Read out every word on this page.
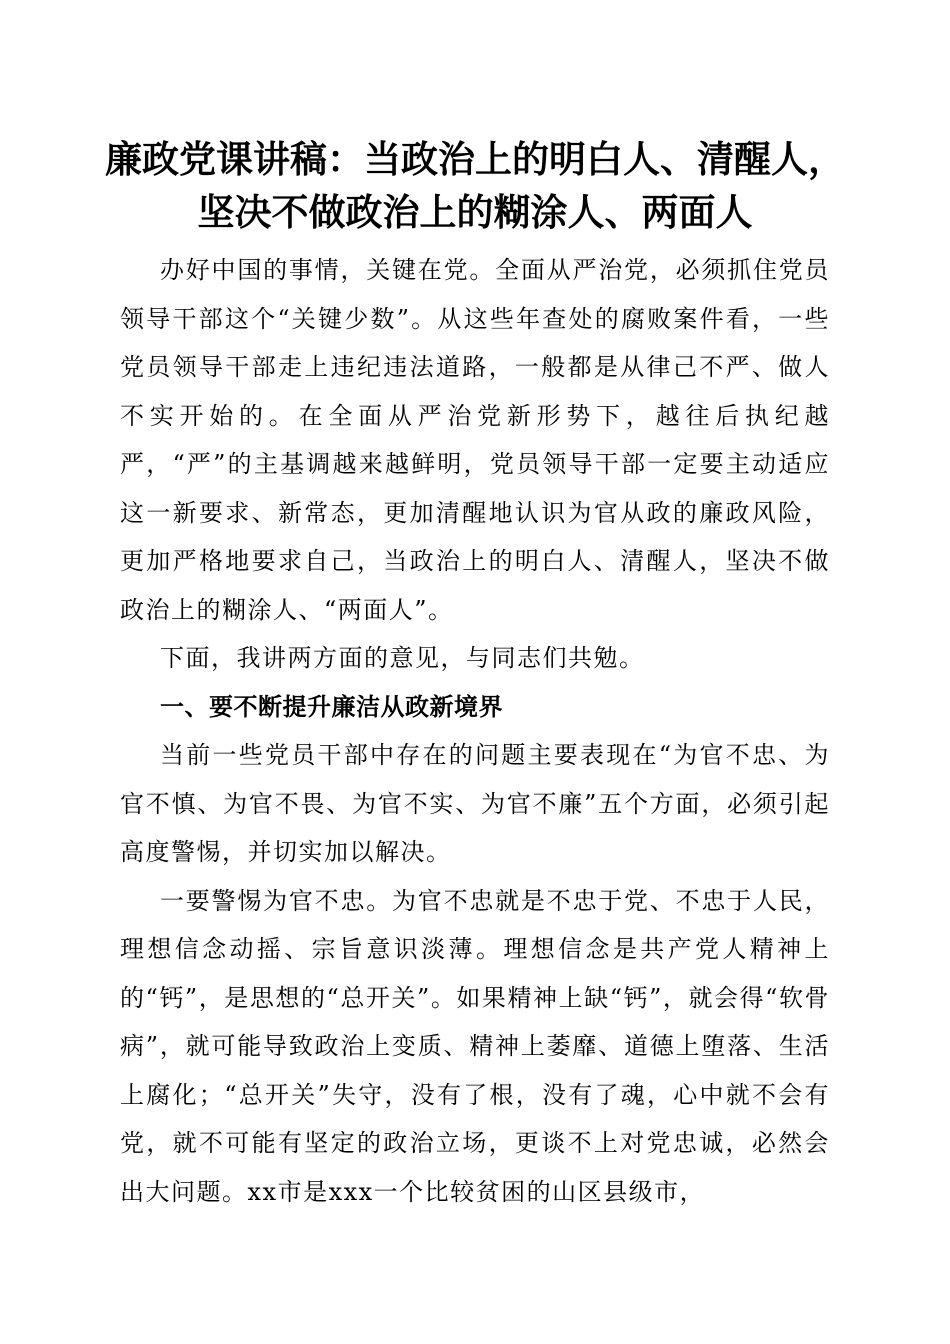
廉政党课讲稿：当政治上的明白人、清醒人，
坚决不做政治上的糊涂人、两面人

办好中国的事情，关键在党。全面从严治党，必须抓住党员领导干部这个“关键少数”。从这些年查处的腐败案件看，一些党员领导干部走上违纪违法道路，一般都是从律己不严、做人不实开始的。在全面从严治党新形势下，越往后执纪越严，“严”的主基调越来越鲜明，党员领导干部一定要主动适应这一新要求、新常态，更加清醒地认识为官从政的廉政风险，更加严格地要求自己，当政治上的明白人、清醒人，坚决不做政治上的糊涂人、“两面人”。

下面，我讲两方面的意见，与同志们共勉。

一、要不断提升廉洁从政新境界

当前一些党员干部中存在的问题主要表现在“为官不忠、为官不慎、为官不畏、为官不实、为官不廉”五个方面，必须引起高度警惕，并切实加以解决。

一要警惕为官不忠。为官不忠就是不忠于党、不忠于人民，理想信念动摇、宗旨意识淡薄。理想信念是共产党人精神上的“钙”，是思想的“总开关”。如果精神上缺“钙”，就会得“软骨病”，就可能导致政治上变质、精神上萎靡、道德上堕落、生活上腐化；“总开关”失守，没有了根，没有了魂，心中就不会有党，就不可能有坚定的政治立场，更谈不上对党忠诚，必然会出大问题。xx市是xxx一个比较贫困的山区县级市，
